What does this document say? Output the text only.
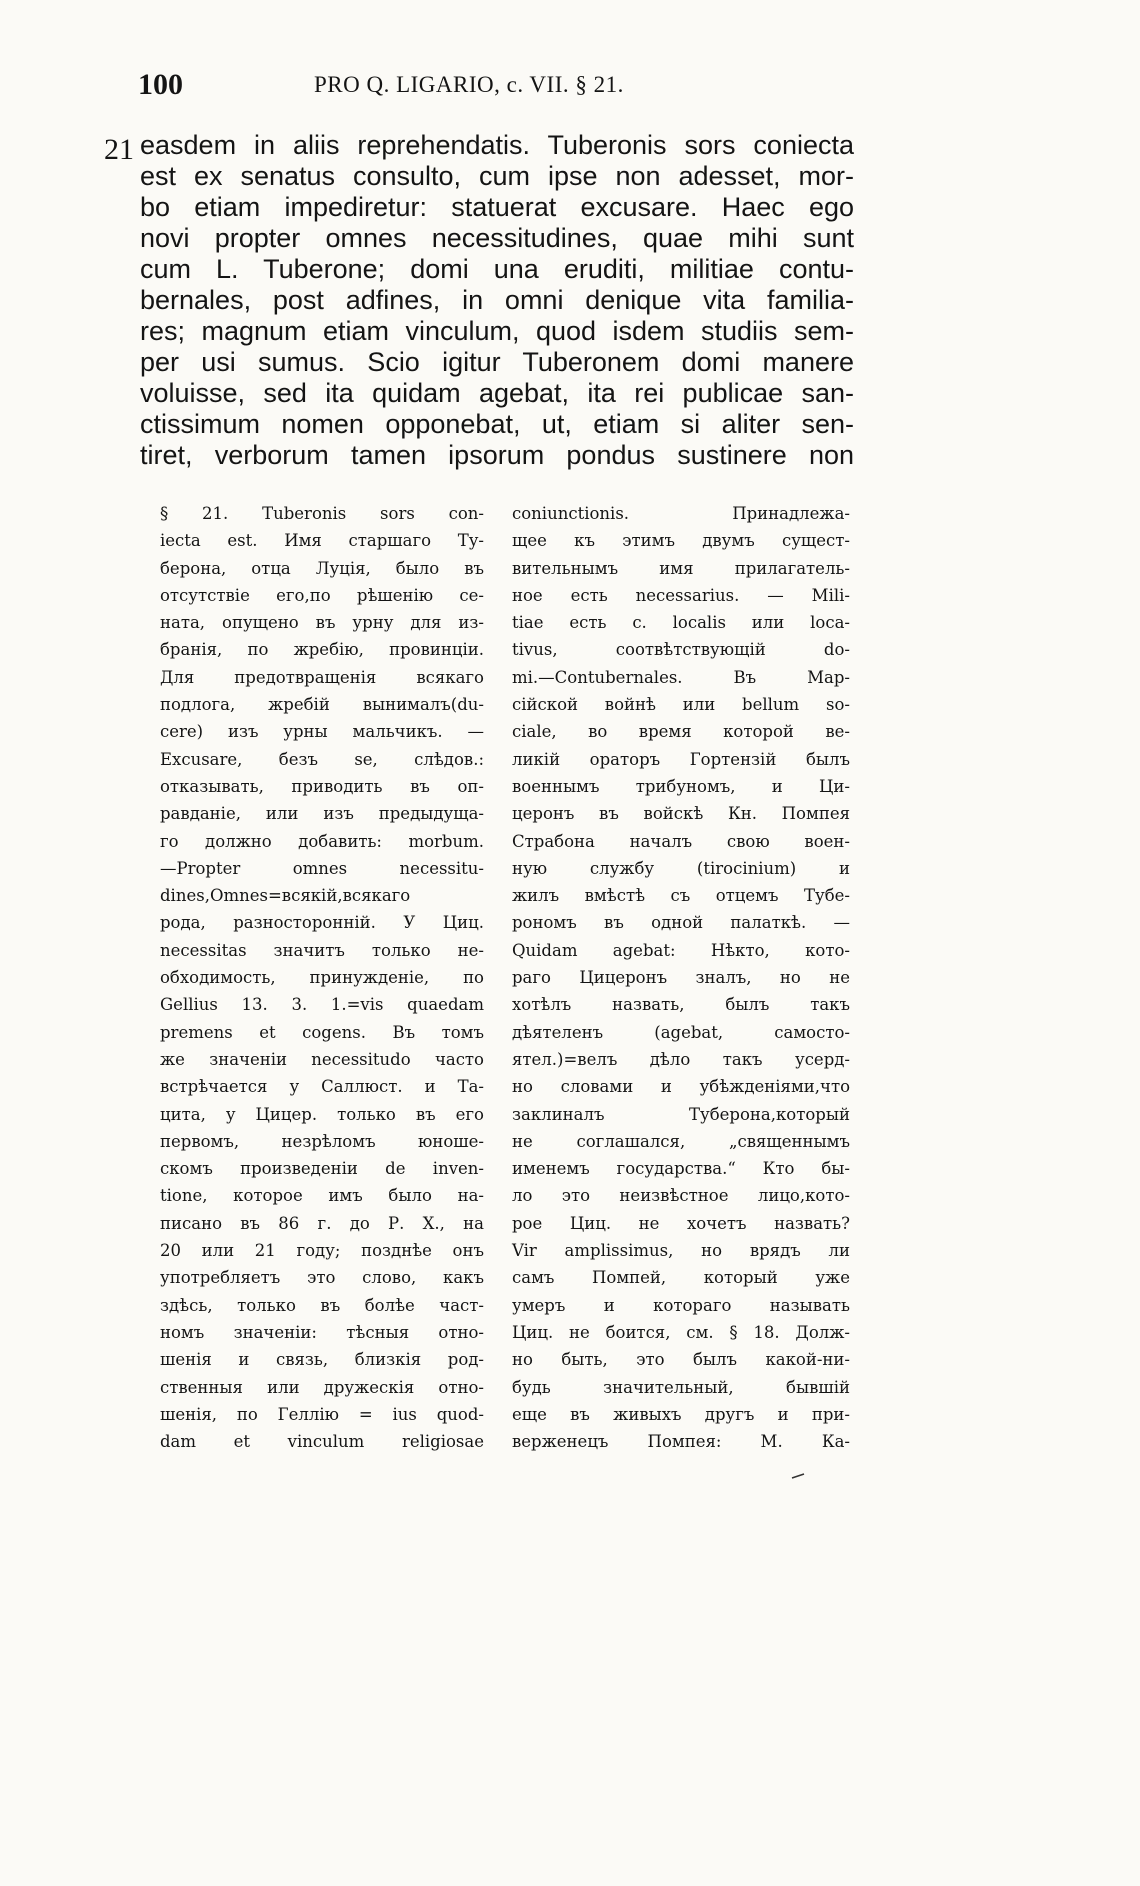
100	PRO Q. LIGARIO, c. VII. § 21.
21 easdem in aliis reprehendatis. Tuberonis sors coniecta
est ex senatus consulto, cum ipse non adesset, mor-
bo etiam impediretur: statuerat excusare. Haec ego
novi propter omnes necessitudines, quae mihi sunt
cum L. Tuberone; domi una eruditi, militiae contu-
bernales, post adfines, in omni denique vita familia-
res; magnum etiam vinculum, quod isdem studiis sem-
per usi sumus. Scio igitur Tuberonem domi manere
voluisse, sed ita quidam agebat, ita rei publicae san-
ctissimum nomen opponebat, ut, etiam si aliter sen-
tiret, verborum tamen ipsorum pondus sustinere non
§ 21. Tuberonis sors con-
iecta est. Имя старшаго Ту-
берона, отца Луція, было въ
отсутствіе его,по рѣшенію се-
ната, опущено въ урну для из-
бранія, по жребію, провинціи.
Для предотвращенія всякаго
подлога, жребій вынималъ(du-
cere) изъ урны мальчикъ. —
Excusare, безъ se, слѣдов.:
отказывать, приводить въ оп-
равданіе, или изъ предыдуща-
го должно добавить: morbum.
—Propter omnes necessitu-
dines,Omnes=всякій,всякаго
рода, разносторонній. У Циц.
necessitas значитъ только не-
обходимость, принужденіе, по
Gellius 13. 3. 1.=vis quaedam
premens et cogens. Въ томъ
же значеніи necessitudo часто
встрѣчается у Саллюст. и Та-
цита, у Цицер. только въ его
первомъ, незрѣломъ юноше-
скомъ произведеніи de inven-
tione, которое имъ было на-
писано въ 86 г. до Р. Х., на
20 или 21 году; позднѣе онъ
употребляетъ это слово, какъ
здѣсь, только въ болѣе част-
номъ значеніи: тѣсныя отно-
шенія и связь, близкія род-
ственныя или дружескія отно-
шенія, по Геллію = ius quod-
dam et vinculum religiosae
coniunctionis. Принадлежа-
щее къ этимъ двумъ сущест-
вительнымъ имя прилагатель-
ное есть necessarius. — Mili-
tiae есть c. localis или loca-
tivus, соотвѣтствующій do-
mi.—Contubernales. Въ Мар-
сійской войнѣ или bellum so-
ciale, во время которой ве-
ликій ораторъ Гортензій былъ
военнымъ трибуномъ, и Ци-
церонъ въ войскѣ Кн. Помпея
Страбона началъ свою воен-
ную службу (tirocinium) и
жилъ вмѣстѣ съ отцемъ Тубе-
рономъ въ одной палаткѣ. —
Quidam agebat: Нѣкто, кото-
раго Цицеронъ зналъ, но не
хотѣлъ назвать, былъ такъ
дѣятеленъ (agebat, самосто-
ятел.)=велъ дѣло такъ усерд-
но словами и убѣжденіями,что
заклиналъ Туберона,который
не соглашался, „священнымъ
именемъ государства.“ Кто бы-
ло это неизвѣстное лицо,кото-
рое Циц. не хочетъ назвать?
Vir amplissimus, но врядъ ли
самъ Помпей, который уже
умеръ и котораго называть
Циц. не боится, см. § 18. Долж-
но быть, это былъ какой-ни-
будь значительный, бывшій
еще въ живыхъ другъ и при-
верженецъ Помпея: М. Ка-
